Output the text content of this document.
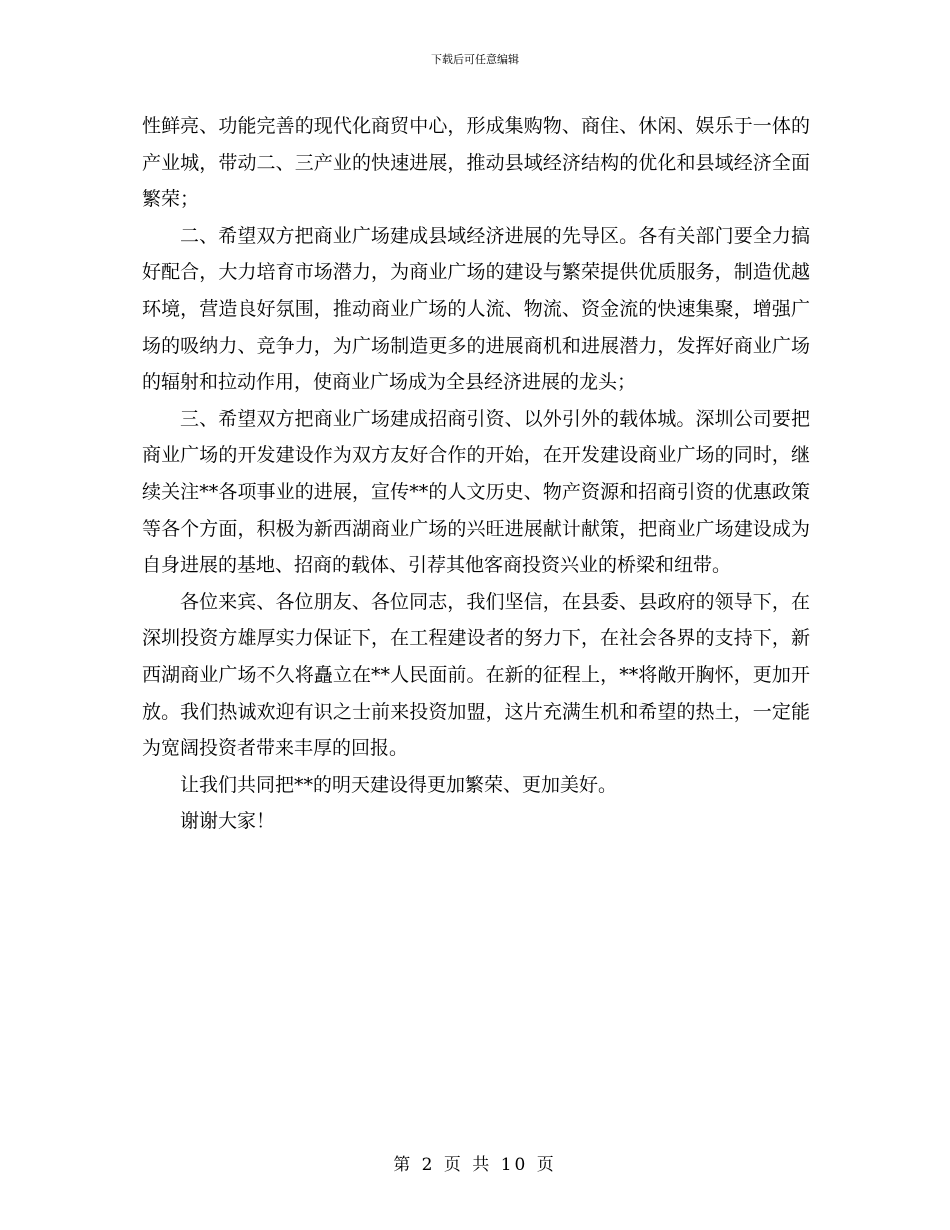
下载后可任意编辑

性鲜亮、功能完善的现代化商贸中心，形成集购物、商住、休闲、娱乐于一体的产业城，带动二、三产业的快速进展，推动县域经济结构的优化和县域经济全面繁荣；

二、希望双方把商业广场建成县域经济进展的先导区。各有关部门要全力搞好配合，大力培育市场潜力，为商业广场的建设与繁荣提供优质服务，制造优越环境，营造良好氛围，推动商业广场的人流、物流、资金流的快速集聚，增强广场的吸纳力、竞争力，为广场制造更多的进展商机和进展潜力，发挥好商业广场的辐射和拉动作用，使商业广场成为全县经济进展的龙头；

三、希望双方把商业广场建成招商引资、以外引外的载体城。深圳公司要把商业广场的开发建设作为双方友好合作的开始，在开发建设商业广场的同时，继续关注**各项事业的进展，宣传**的人文历史、物产资源和招商引资的优惠政策等各个方面，积极为新西湖商业广场的兴旺进展献计献策，把商业广场建设成为自身进展的基地、招商的载体、引荐其他客商投资兴业的桥梁和纽带。

各位来宾、各位朋友、各位同志，我们坚信，在县委、县政府的领导下，在深圳投资方雄厚实力保证下，在工程建设者的努力下，在社会各界的支持下，新西湖商业广场不久将矗立在**人民面前。在新的征程上，**将敞开胸怀，更加开放。我们热诚欢迎有识之士前来投资加盟，这片充满生机和希望的热土，一定能为宽阔投资者带来丰厚的回报。

让我们共同把**的明天建设得更加繁荣、更加美好。

谢谢大家！

第 2 页 共 10 页
